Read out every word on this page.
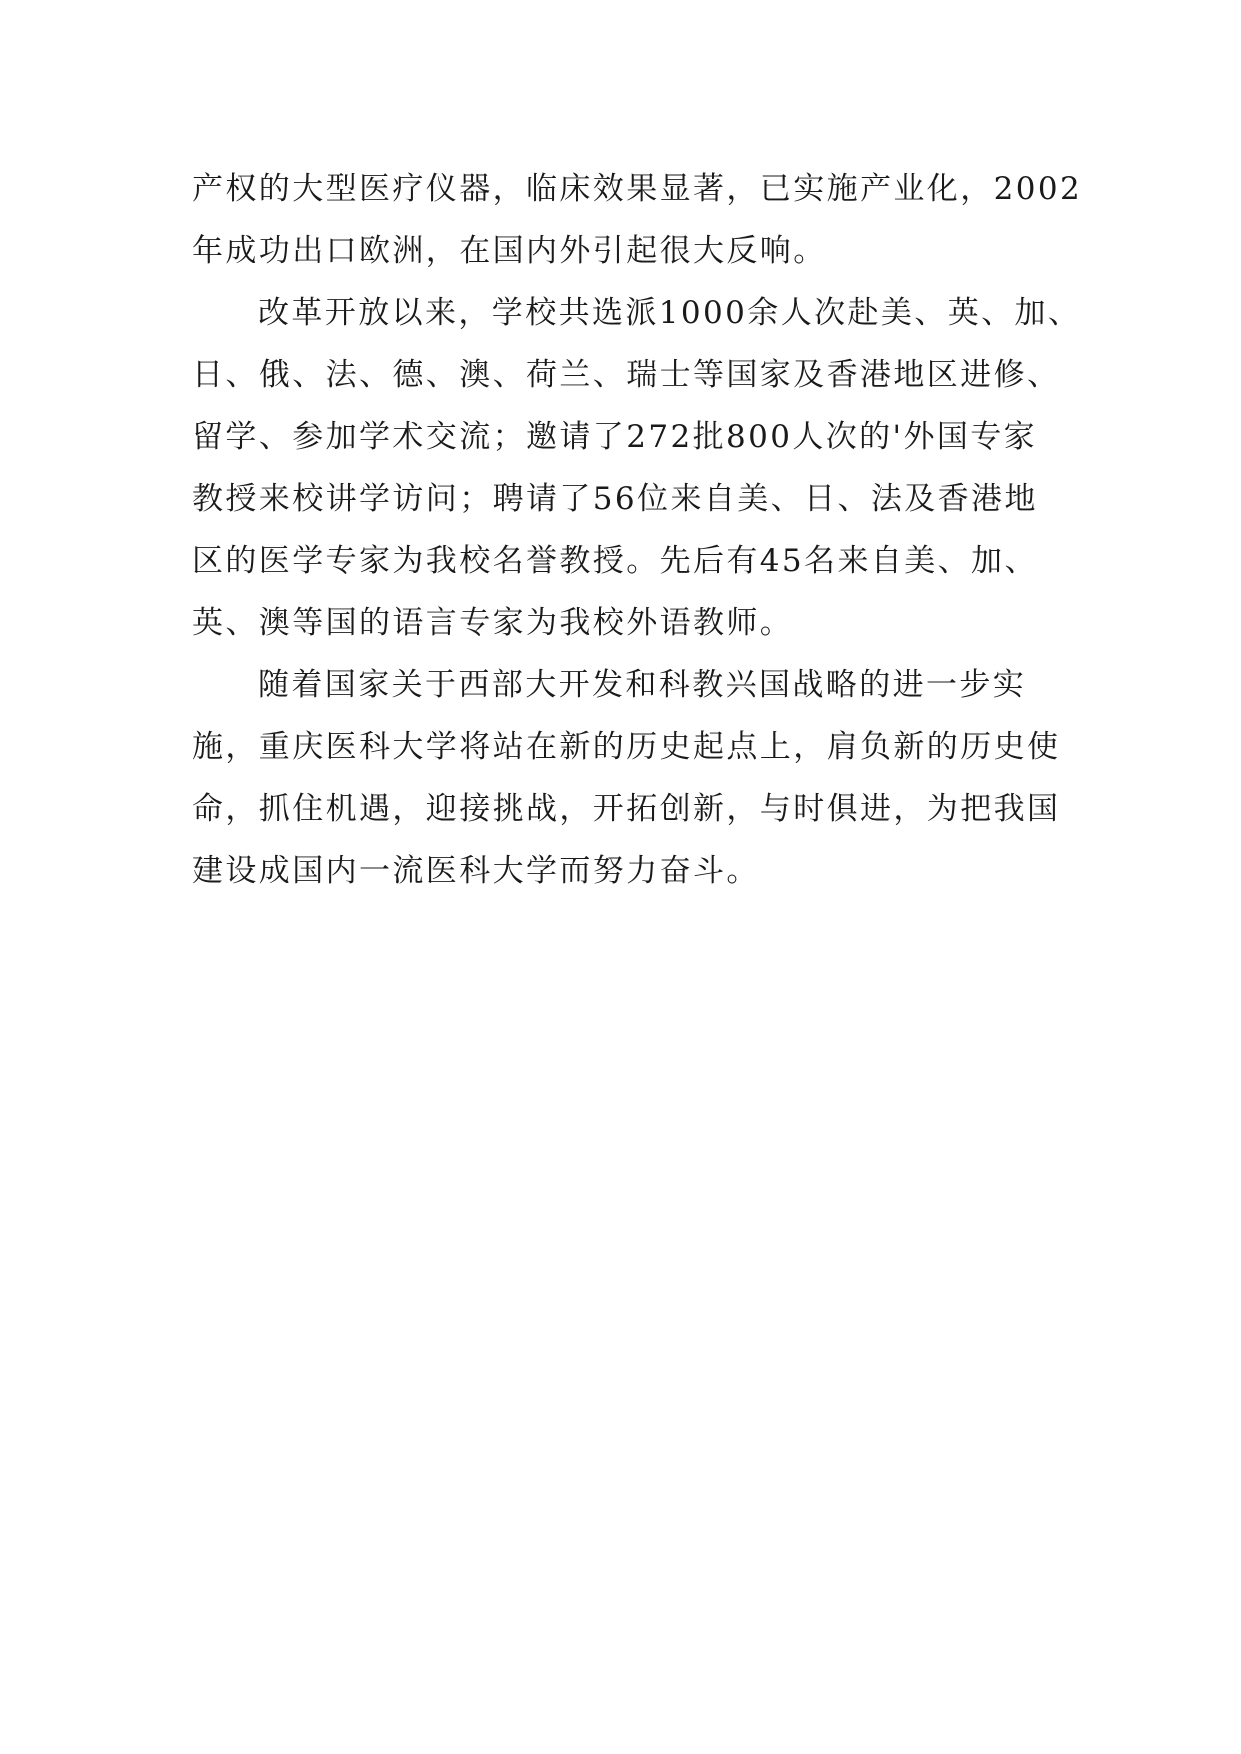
产权的大型医疗仪器，临床效果显著，已实施产业化，2002
年成功出口欧洲，在国内外引起很大反响。
改革开放以来，学校共选派1000余人次赴美、英、加、
日、俄、法、德、澳、荷兰、瑞士等国家及香港地区进修、
留学、参加学术交流；邀请了272批800人次的'外国专家
教授来校讲学访问；聘请了56位来自美、日、法及香港地
区的医学专家为我校名誉教授。先后有45名来自美、加、
英、澳等国的语言专家为我校外语教师。
随着国家关于西部大开发和科教兴国战略的进一步实
施，重庆医科大学将站在新的历史起点上，肩负新的历史使
命，抓住机遇，迎接挑战，开拓创新，与时俱进，为把我国
建设成国内一流医科大学而努力奋斗。
